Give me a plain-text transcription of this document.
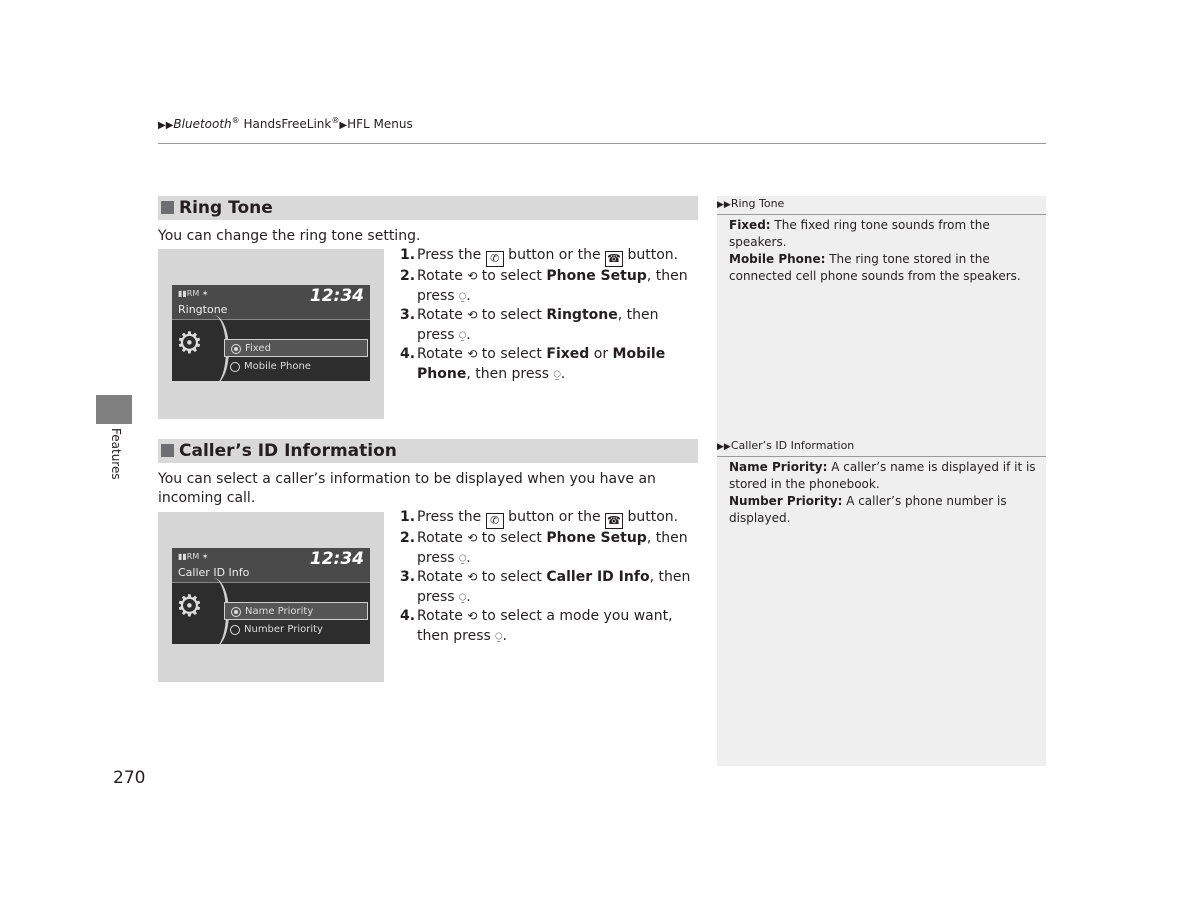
▶▶Bluetooth® HandsFreeLink®▶HFL Menus
Features
Ring Tone
You can change the ring tone setting.
▮▮RM ✶	12:34
Ringtone
⚙	Fixed
Mobile Phone
1. Press the ✆ button or the ☎ button.
2. Rotate ⟲ to select Phone Setup, then press ⍜.
3. Rotate ⟲ to select Ringtone, then press ⍜.
4. Rotate ⟲ to select Fixed or Mobile Phone, then press ⍜.
▶▶Ring Tone
Fixed: The fixed ring tone sounds from the speakers.
Mobile Phone: The ring tone stored in the connected cell phone sounds from the speakers.
Caller’s ID Information
You can select a caller’s information to be displayed when you have an incoming call.
▮▮RM ✶	12:34
Caller ID Info
⚙	Name Priority
Number Priority
1. Press the ✆ button or the ☎ button.
2. Rotate ⟲ to select Phone Setup, then press ⍜.
3. Rotate ⟲ to select Caller ID Info, then press ⍜.
4. Rotate ⟲ to select a mode you want, then press ⍜.
▶▶Caller’s ID Information
Name Priority: A caller’s name is displayed if it is stored in the phonebook.
Number Priority: A caller’s phone number is displayed.
270
